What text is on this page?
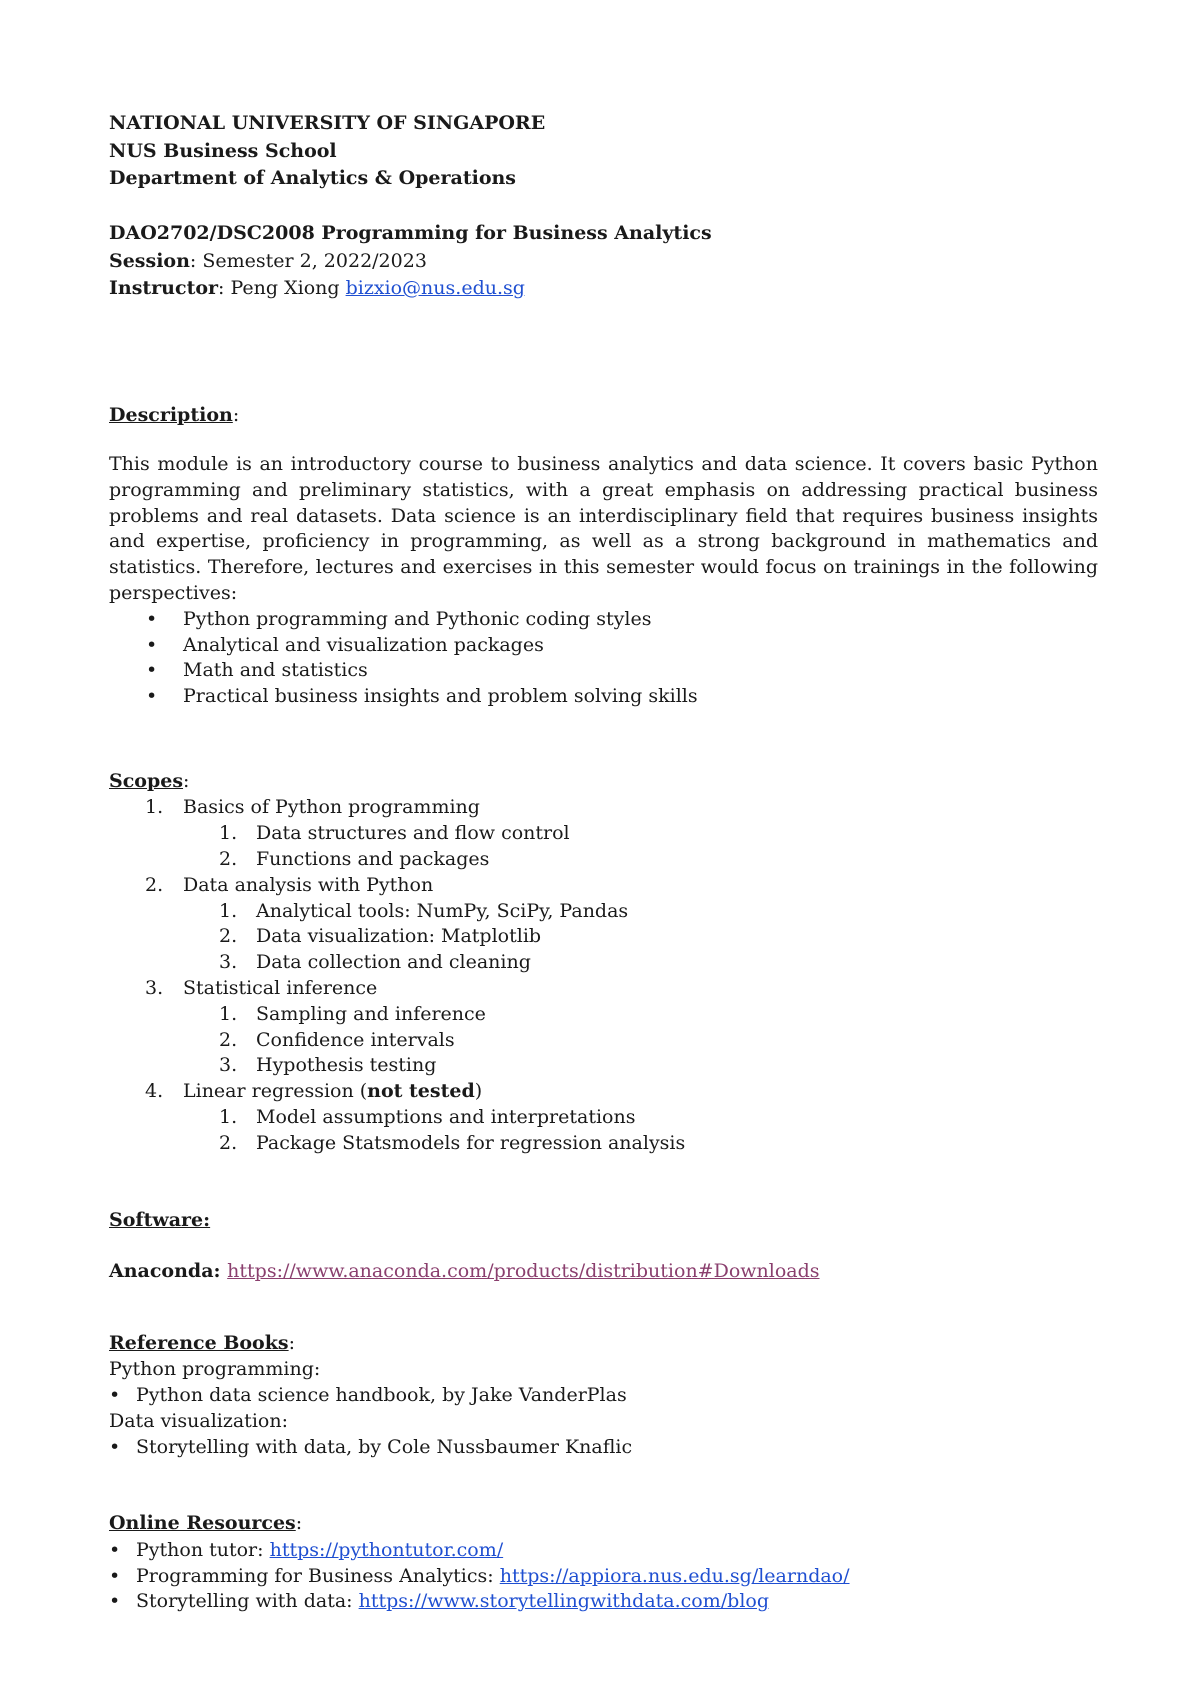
NATIONAL UNIVERSITY OF SINGAPORE
NUS Business School
Department of Analytics & Operations
DAO2702/DSC2008 Programming for Business Analytics
Session: Semester 2, 2022/2023
Instructor: Peng Xiong bizxio@nus.edu.sg
Description:
This module is an introductory course to business analytics and data science. It covers basic Python programming and preliminary statistics, with a great emphasis on addressing practical business problems and real datasets. Data science is an interdisciplinary field that requires business insights and expertise, proficiency in programming, as well as a strong background in mathematics and statistics. Therefore, lectures and exercises in this semester would focus on trainings in the following perspectives:
• Python programming and Pythonic coding styles
• Analytical and visualization packages
• Math and statistics
• Practical business insights and problem solving skills
Scopes:
1. Basics of Python programming
1. Data structures and flow control
2. Functions and packages
2. Data analysis with Python
1. Analytical tools: NumPy, SciPy, Pandas
2. Data visualization: Matplotlib
3. Data collection and cleaning
3. Statistical inference
1. Sampling and inference
2. Confidence intervals
3. Hypothesis testing
4. Linear regression (not tested)
1. Model assumptions and interpretations
2. Package Statsmodels for regression analysis
Software:
Anaconda: https://www.anaconda.com/products/distribution#Downloads
Reference Books:
Python programming:
• Python data science handbook, by Jake VanderPlas
Data visualization:
• Storytelling with data, by Cole Nussbaumer Knaflic
Online Resources:
• Python tutor: https://pythontutor.com/
• Programming for Business Analytics: https://appiora.nus.edu.sg/learndao/
• Storytelling with data: https://www.storytellingwithdata.com/blog
